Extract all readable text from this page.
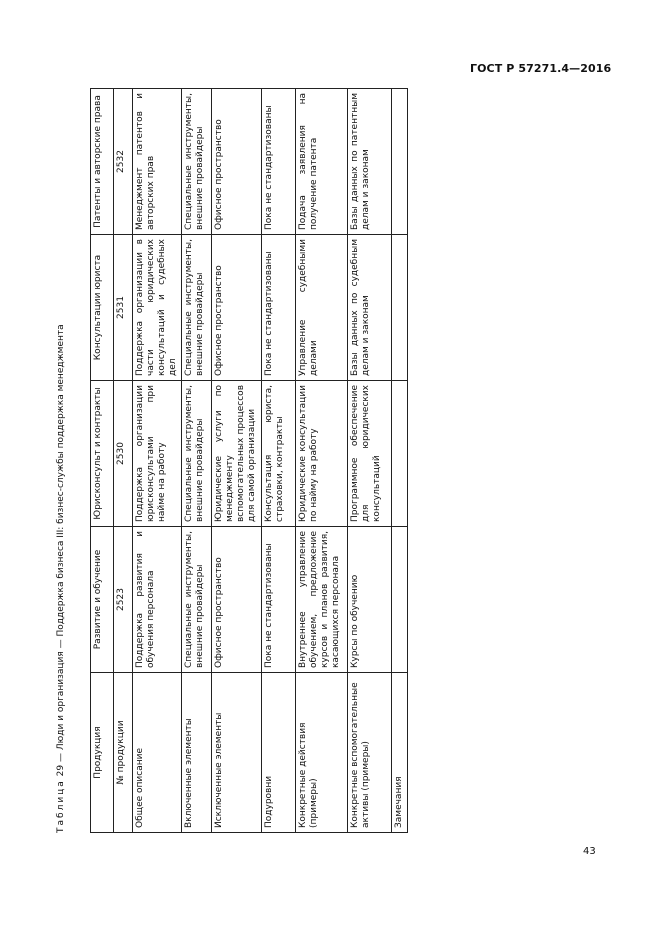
ГОСТ Р 57271.4—2016
Таблица 29 — Люди и организация — Поддержка бизнеса III: бизнес-службы поддержка менеджмента	Продукция	Развитие и обучение	Юрисконсульт и контракты	Консультации юриста	Патенты и авторские права
№ продукции	2523	2530	2531	2532
Общее описание	Поддержка развития и обучения персонала	Поддержка организации юрисконсультами при найме на работу	Поддержка организации в части юридических консультаций и судебных дел	Менеджмент патентов и авторских прав
Включенные элементы	Специальные инструменты, внешние провайдеры	Специальные инструменты, внешние провайдеры	Специальные инструменты, внешние провайдеры	Специальные инструменты, внешние провайдеры
Исключенные элементы	Офисное пространство	Юридические услуги по менеджменту вспомогательных процессов для самой организации	Офисное пространство	Офисное пространство
Подуровни	Пока не стандартизованы	Консультация юриста, страховки, контракты	Пока не стандартизованы	Пока не стандартизованы
Конкретные действия (примеры)	Внутреннее управление обучением, предложение курсов и планов развития, касающихся персонала	Юридические консультации по найму на работу	Управление судебными делами	Подача заявления на получение патента
Конкретные вспомогательные активы (примеры)	Курсы по обучению	Программное обеспечение для юридических консультаций	Базы данных по судебным делам и законам	Базы данных по патентным делам и законам
Замечания				
43
